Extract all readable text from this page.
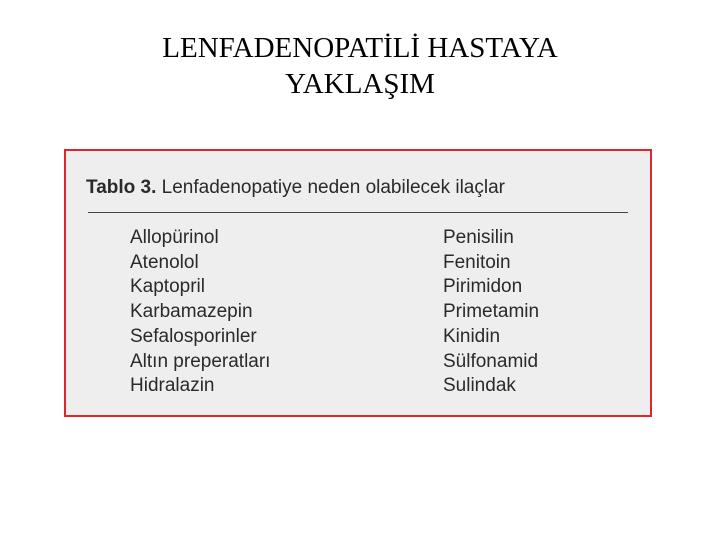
LENFADENOPATİLİ HASTAYA
YAKLAŞIM
Tablo 3. Lenfadenopatiye neden olabilecek ilaçlar
Allopürinol
Atenolol
Kaptopril
Karbamazepin
Sefalosporinler
Altın preperatları
Hidralazin
Penisilin
Fenitoin
Pirimidon
Primetamin
Kinidin
Sülfonamid
Sulindak
